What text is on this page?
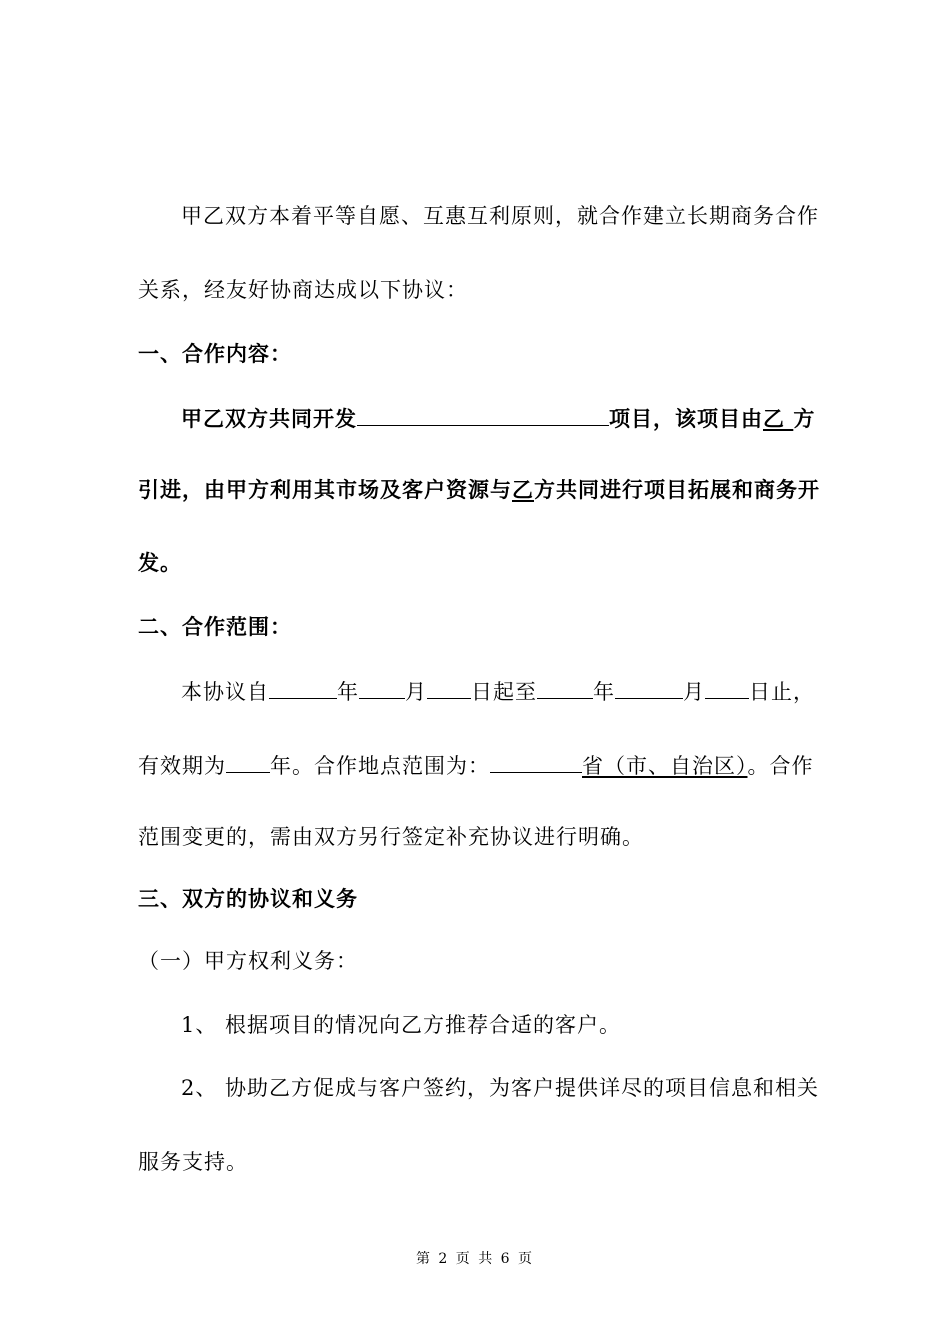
甲乙双方本着平等自愿、互惠互利原则，就合作建立长期商务合作
关系，经友好协商达成以下协议：
一、合作内容：
甲乙双方共同开发	项目，该项目由乙 方
引进，由甲方利用其市场及客户资源与乙方共同进行项目拓展和商务开
发。
二、合作范围：
本协议自	年 月 日起至	年	月 日止，
有效期为 年。合作地点范围为：	省（市、自治区）。合作
范围变更的，需由双方另行签定补充协议进行明确。
三、双方的协议和义务
（一）甲方权利义务：
1、 根据项目的情况向乙方推荐合适的客户。
2、 协助乙方促成与客户签约，为客户提供详尽的项目信息和相关
服务支持。
第 2 页 共 6 页
